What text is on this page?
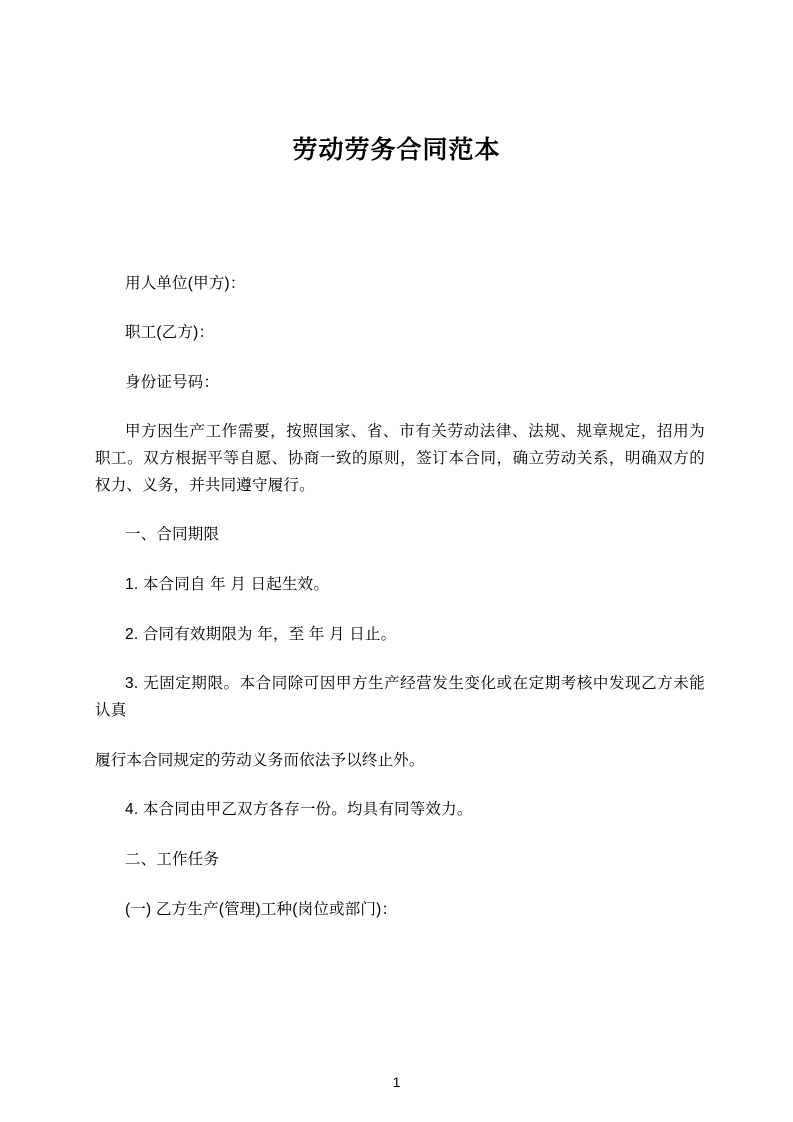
劳动劳务合同范本

用人单位(甲方)：

职工(乙方)：

身份证号码：

甲方因生产工作需要，按照国家、省、市有关劳动法律、法规、规章规定，招用为职工。双方根据平等自愿、协商一致的原则，签订本合同，确立劳动关系，明确双方的权力、义务，并共同遵守履行。

一、合同期限

1. 本合同自 年 月 日起生效。

2. 合同有效期限为 年，至 年 月 日止。

3. 无固定期限。本合同除可因甲方生产经营发生变化或在定期考核中发现乙方未能认真

履行本合同规定的劳动义务而依法予以终止外。

4. 本合同由甲乙双方各存一份。均具有同等效力。

二、工作任务

(一) 乙方生产(管理)工种(岗位或部门)：

1
